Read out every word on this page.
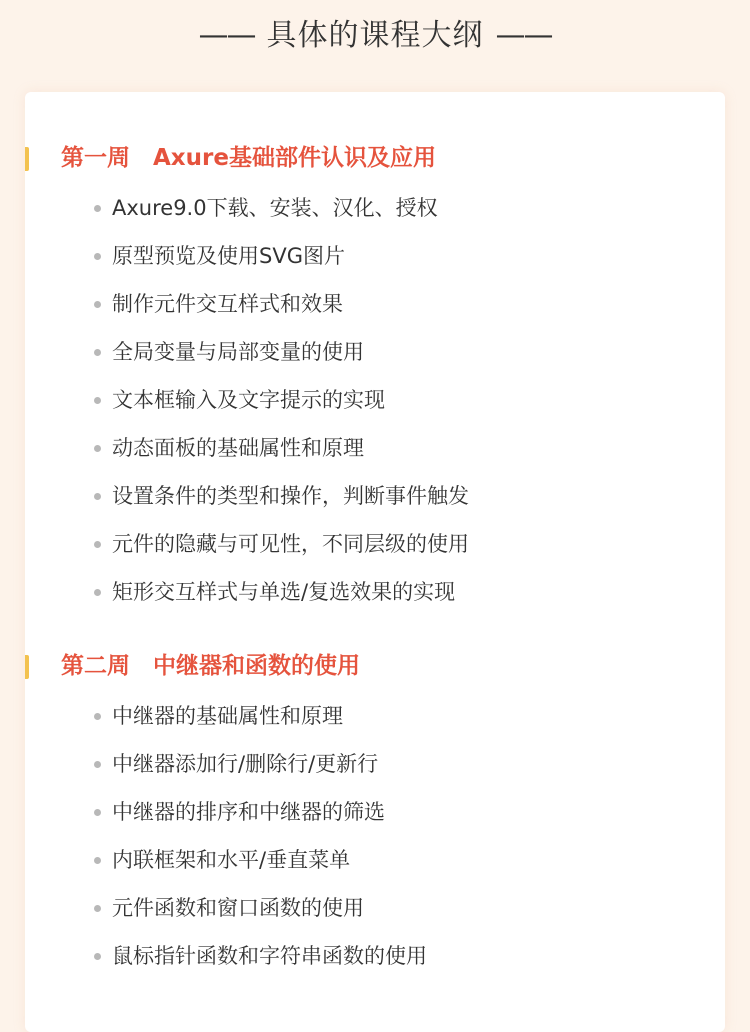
—— 具体的课程大纲 ——
第一周　Axure基础部件认识及应用
Axure9.0下载、安装、汉化、授权
原型预览及使用SVG图片
制作元件交互样式和效果
全局变量与局部变量的使用
文本框输入及文字提示的实现
动态面板的基础属性和原理
设置条件的类型和操作，判断事件触发
元件的隐藏与可见性，不同层级的使用
矩形交互样式与单选/复选效果的实现
第二周　中继器和函数的使用
中继器的基础属性和原理
中继器添加行/删除行/更新行
中继器的排序和中继器的筛选
内联框架和水平/垂直菜单
元件函数和窗口函数的使用
鼠标指针函数和字符串函数的使用
